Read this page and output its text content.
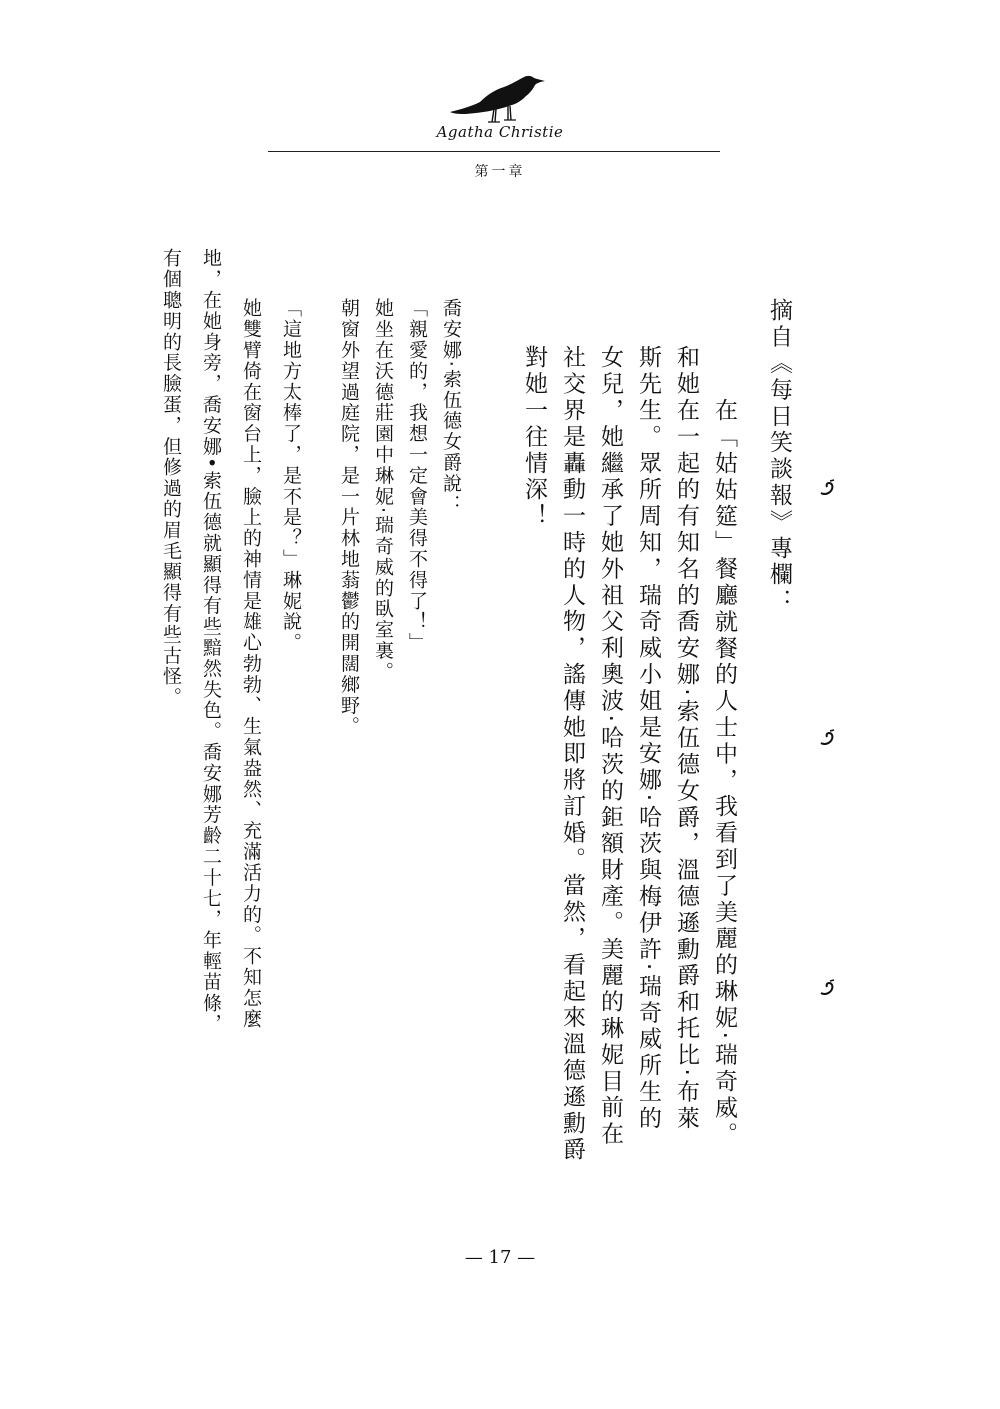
Agatha Christie
第一章

摘自《每日笑談報》專欄：

在「姑姑筵」餐廳就餐的人士中，我看到了美麗的琳妮‧瑞奇威。

和她在一起的有知名的喬安娜‧索伍德女爵，溫德遜勳爵和托比‧布萊

斯先生。眾所周知，瑞奇威小姐是安娜‧哈茨與梅伊許‧瑞奇威所生的

女兒，她繼承了她外祖父利奧波‧哈茨的鉅額財產。美麗的琳妮目前在

社交界是轟動一時的人物，謠傳她即將訂婚。當然，看起來溫德遜勳爵

對她一往情深！

喬安娜‧索伍德女爵說：

「親愛的，我想一定會美得不得了！」

她坐在沃德莊園中琳妮‧瑞奇威的臥室裏。

朝窗外望過庭院，是一片林地蓊鬱的開闊鄉野。

「這地方太棒了，是不是？」琳妮說。

她雙臂倚在窗台上，臉上的神情是雄心勃勃、生氣盎然、充滿活力的。不知怎麼

地，在她身旁，喬安娜•索伍德就顯得有些黯然失色。喬安娜芳齡二十七，年輕苗條，

有個聰明的長臉蛋，但修過的眉毛顯得有些古怪。

— 17 —
